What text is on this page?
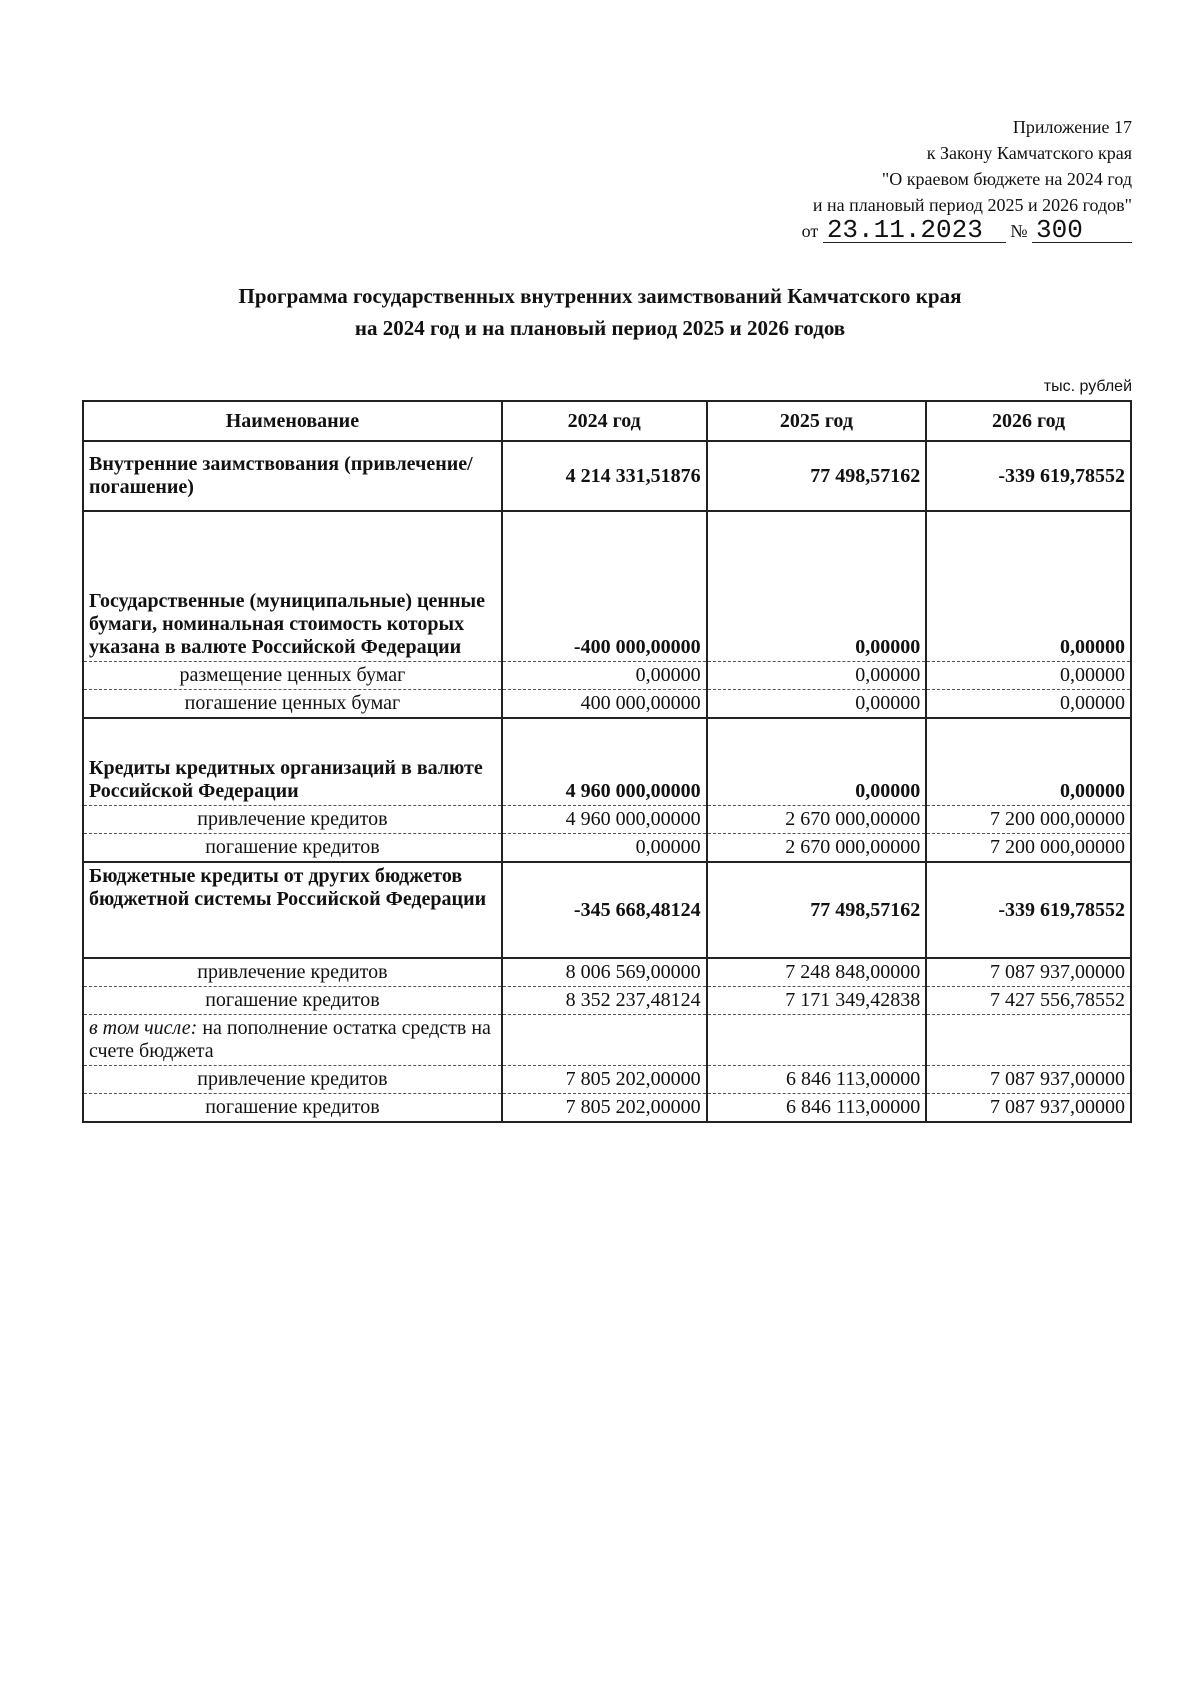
Приложение 17
к Закону Камчатского края
"О краевом бюджете на 2024 год
и на плановый период 2025 и 2026 годов"
от 23.11.2023 № 300
Программа государственных внутренних заимствований Камчатского края
на 2024 год и на плановый период 2025 и 2026 годов
тыс. рублей
Наименование	2024 год	2025 год	2026 год
Внутренние заимствования (привлечение/погашение)	4 214 331,51876	77 498,57162	-339 619,78552
Государственные (муниципальные) ценные бумаги, номинальная стоимость которых указана в валюте Российской Федерации	-400 000,00000	0,00000	0,00000
размещение ценных бумаг	0,00000	0,00000	0,00000
погашение ценных бумаг	400 000,00000	0,00000	0,00000
Кредиты кредитных организаций в валюте Российской Федерации	4 960 000,00000	0,00000	0,00000
привлечение кредитов	4 960 000,00000	2 670 000,00000	7 200 000,00000
погашение кредитов	0,00000	2 670 000,00000	7 200 000,00000
Бюджетные кредиты от других бюджетов бюджетной системы Российской Федерации	-345 668,48124	77 498,57162	-339 619,78552
привлечение кредитов	8 006 569,00000	7 248 848,00000	7 087 937,00000
погашение кредитов	8 352 237,48124	7 171 349,42838	7 427 556,78552
в том числе: на пополнение остатка средств на счете бюджета			
привлечение кредитов	7 805 202,00000	6 846 113,00000	7 087 937,00000
погашение кредитов	7 805 202,00000	6 846 113,00000	7 087 937,00000
